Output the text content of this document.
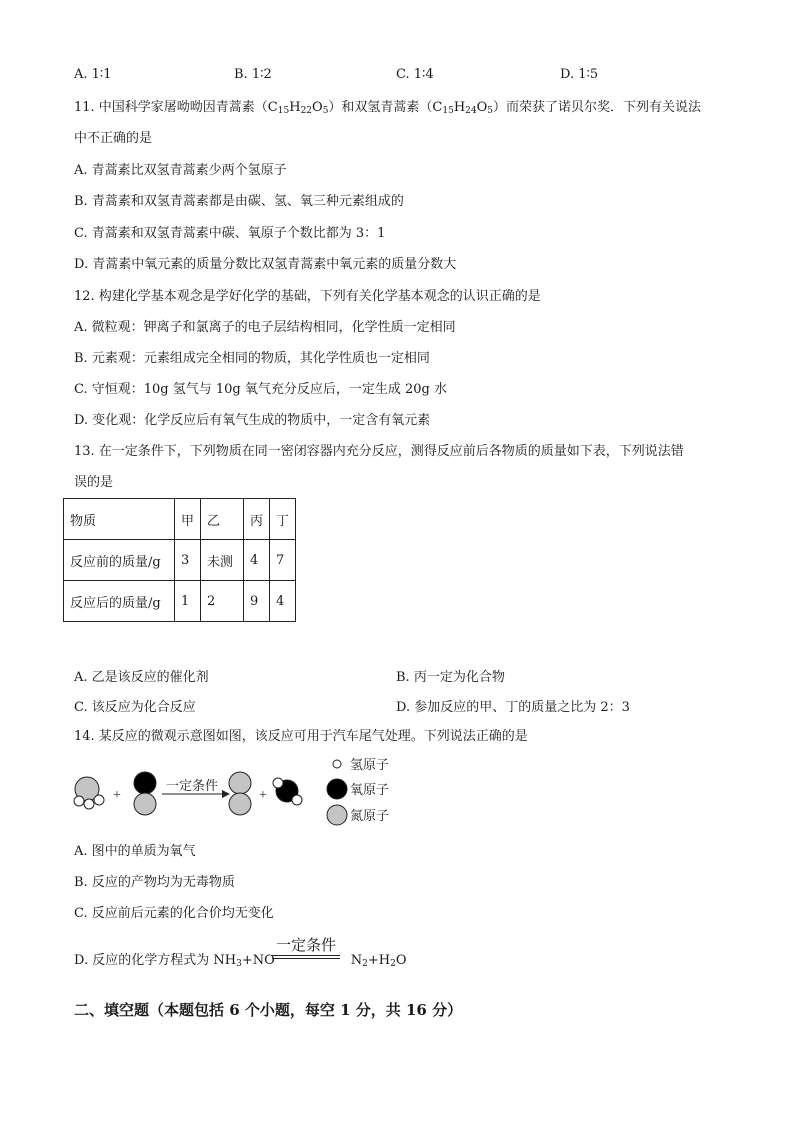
A. 1∶1	B. 1∶2	C. 1∶4	D. 1∶5
11. 中国科学家屠呦呦因青蒿素$(C_{15}H_{22}O_5)$和双氢青蒿素$(C_{15}H_{24}O_5)$而荣获了诺贝尔奖．下列有关说法
中不正确的是
A. 青蒿素比双氢青蒿素少两个氢原子
B. 青蒿素和双氢青蒿素都是由碳、氢、氧三种元素组成的
C. 青蒿素和双氢青蒿素中碳、氧原子个数比都为 3：1
D. 青蒿素中氧元素的质量分数比双氢青蒿素中氧元素的质量分数大
12. 构建化学基本观念是学好化学的基础，下列有关化学基本观念的认识正确的是
A. 微粒观：钾离子和氯离子的电子层结构相同，化学性质一定相同
B. 元素观：元素组成完全相同的物质，其化学性质也一定相同
C. 守恒观：10g 氢气与 10g 氧气充分反应后，一定生成 20g 水
D. 变化观：化学反应后有氧气生成的物质中，一定含有氧元素
13. 在一定条件下，下列物质在同一密闭容器内充分反应，测得反应前后各物质的质量如下表，下列说法错
误的是
物质	甲	乙	丙	丁
反应前的质量/g	3	未测	4	7
反应后的质量/g	1	2	9	4
A. 乙是该反应的催化剂	B. 丙一定为化合物
C. 该反应为化合反应	D. 参加反应的甲、丁的质量之比为 2：3
14. 某反应的微观示意图如图，该反应可用于汽车尾气处理。下列说法正确的是
+
一定条件
+
氢原子
氧原子
氮原子
A. 图中的单质为氧气
B. 反应的产物均为无毒物质
C. 反应前后元素的化合价均无变化
D. 反应的化学方程式为 $NH_3+NO$	$N_2+H_2O$
一定条件
二、填空题（本题包括 6 个小题，每空 1 分，共 16 分）
